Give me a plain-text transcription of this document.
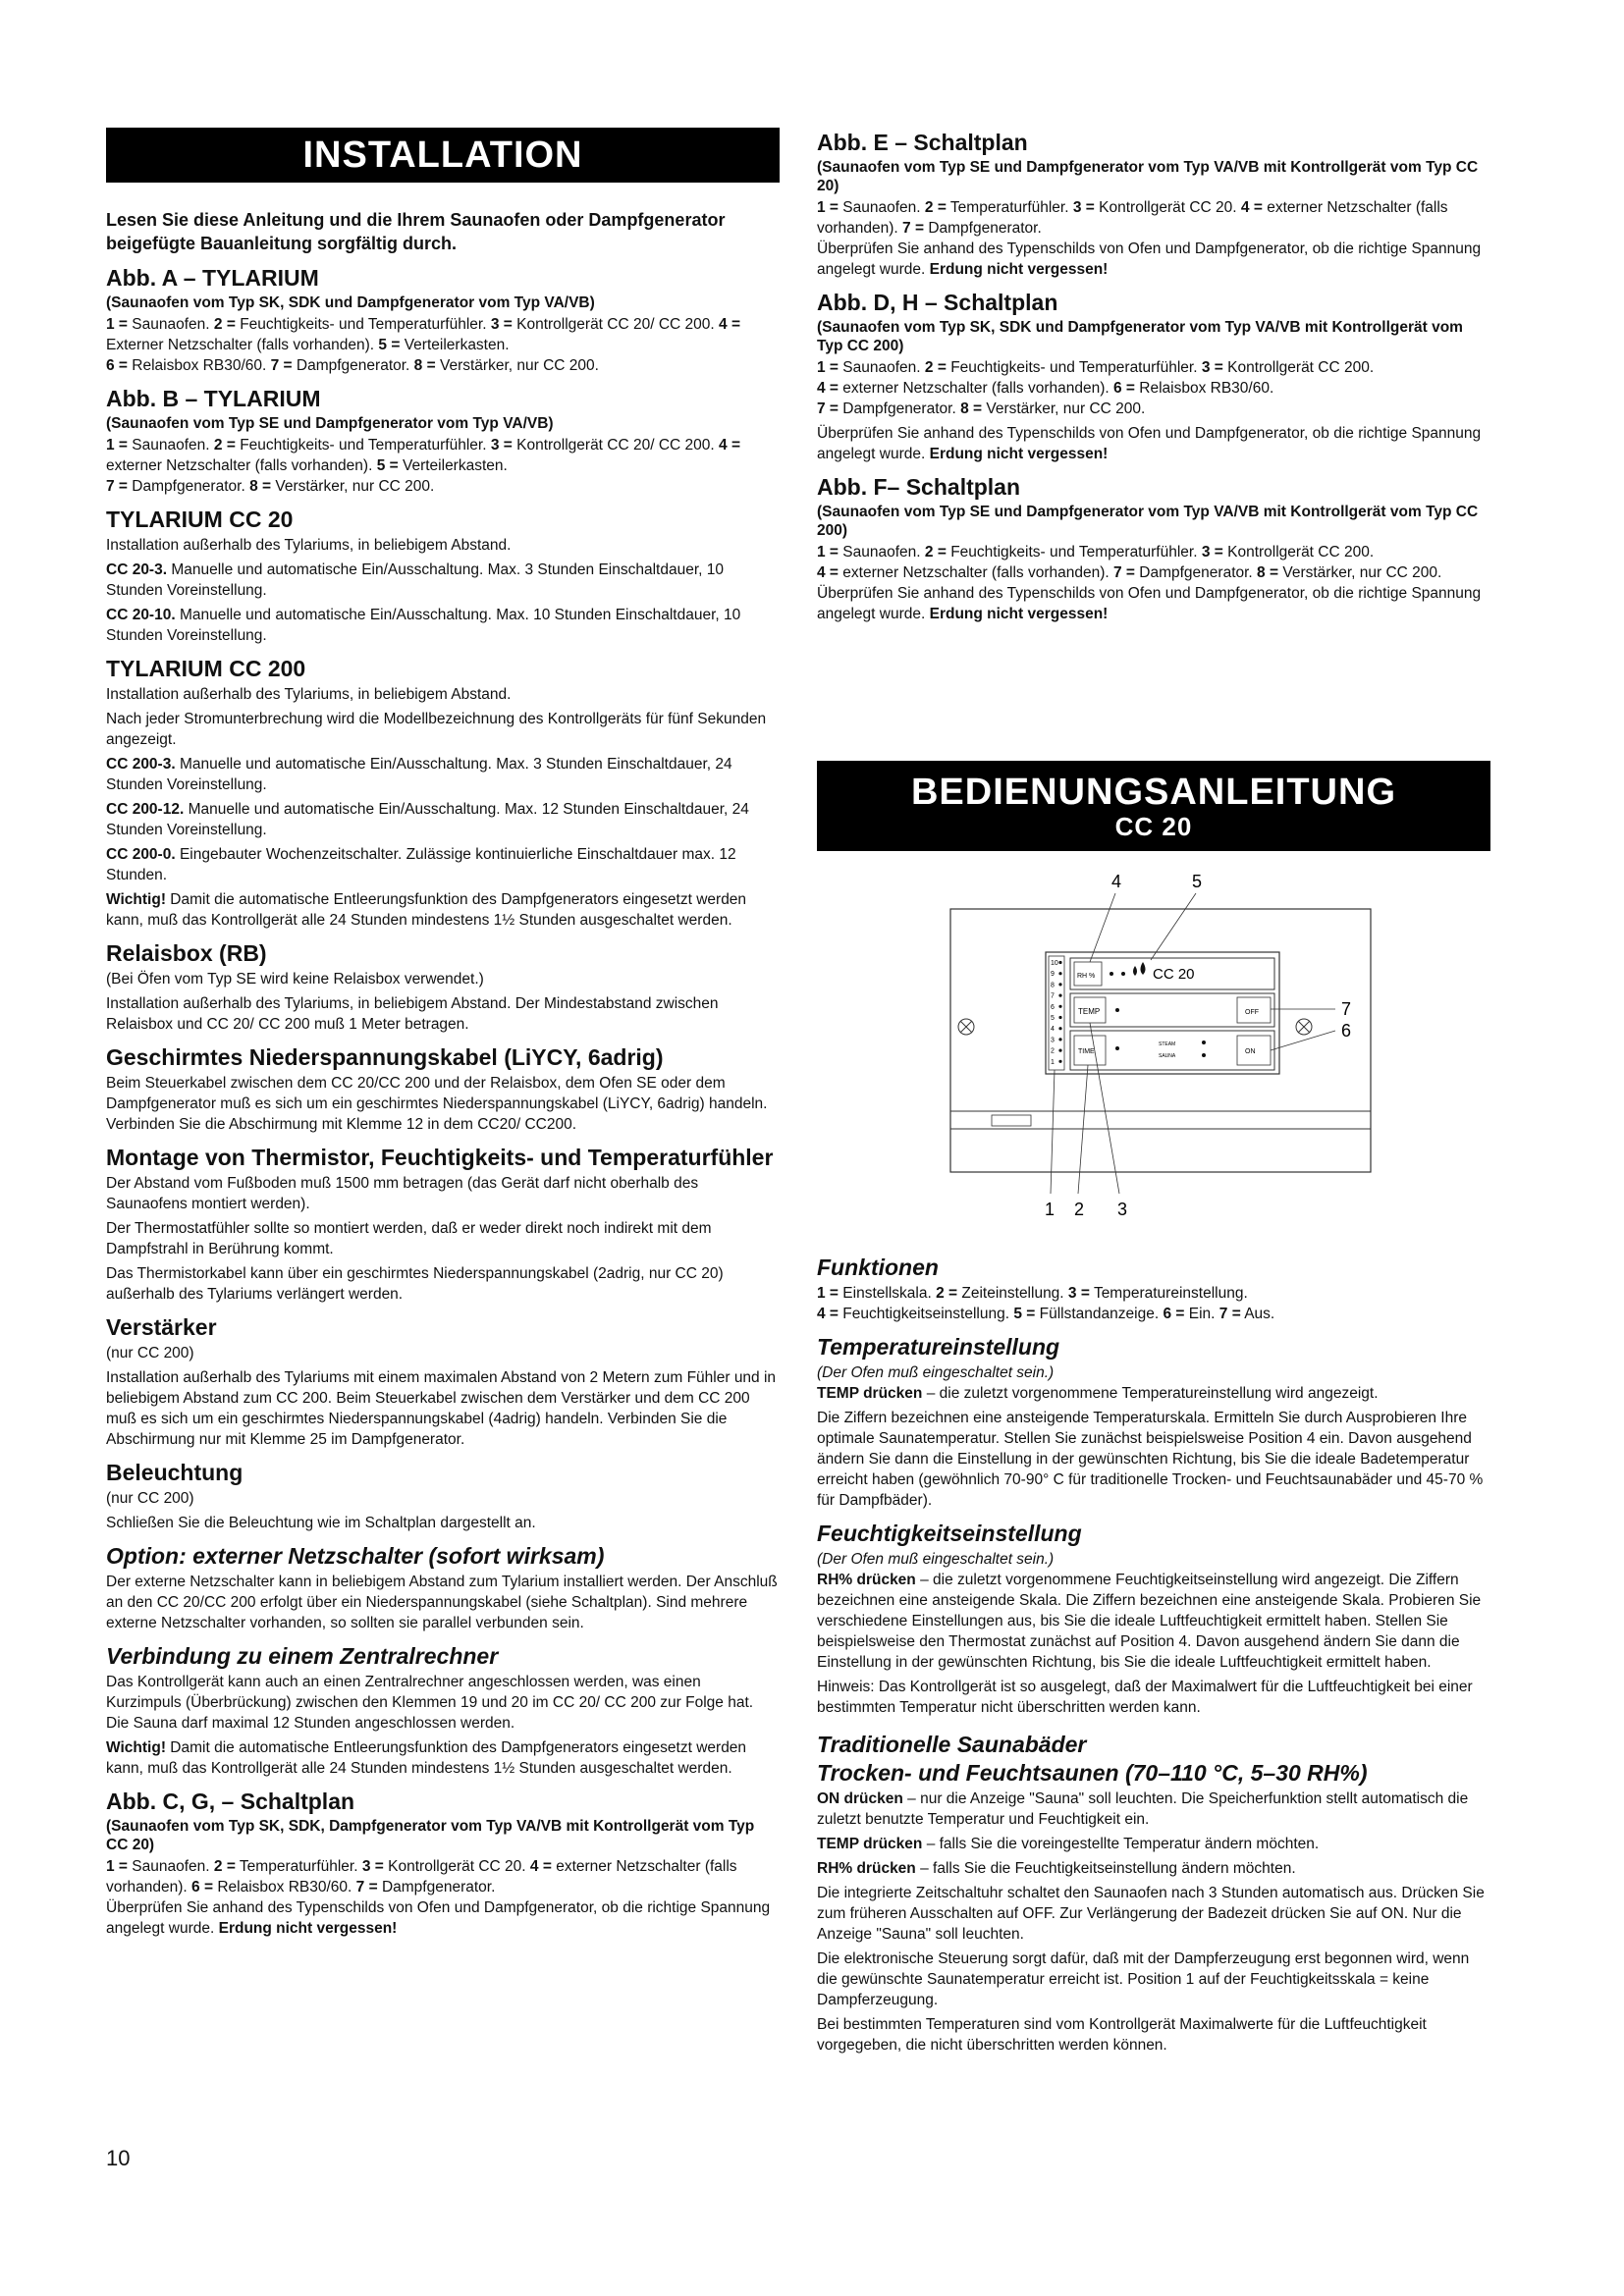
INSTALLATION
Lesen Sie diese Anleitung und die Ihrem Saunaofen oder Dampfgenerator beigefügte Bauanleitung sorgfältig durch.
Abb. A – TYLARIUM
(Saunaofen vom Typ SK, SDK und Dampfgenerator vom Typ VA/VB)

1 = Saunaofen. 2 = Feuchtigkeits- und Temperaturfühler. 3 = Kontrollgerät CC 20/ CC 200. 4 = Externer Netzschalter (falls vorhanden). 5 = Verteilerkasten.
6 = Relaisbox RB30/60. 7 = Dampfgenerator. 8 = Verstärker, nur CC 200.

Abb. B – TYLARIUM
(Saunaofen vom Typ SE und Dampfgenerator vom Typ VA/VB)

1 = Saunaofen. 2 = Feuchtigkeits- und Temperaturfühler. 3 = Kontrollgerät CC 20/ CC 200. 4 = externer Netzschalter (falls vorhanden). 5 = Verteilerkasten.
7 = Dampfgenerator. 8 = Verstärker, nur CC 200.

TYLARIUM CC 20

Installation außerhalb des Tylariums, in beliebigem Abstand.

CC 20-3. Manuelle und automatische Ein/Ausschaltung. Max. 3 Stunden Einschaltdauer, 10 Stunden Voreinstellung.

CC 20-10. Manuelle und automatische Ein/Ausschaltung. Max. 10 Stunden Einschaltdauer, 10 Stunden Voreinstellung.

TYLARIUM CC 200

Installation außerhalb des Tylariums, in beliebigem Abstand.

Nach jeder Stromunterbrechung wird die Modellbezeichnung des Kontrollgeräts für fünf Sekunden angezeigt.

CC 200-3. Manuelle und automatische Ein/Ausschaltung. Max. 3 Stunden Einschaltdauer, 24 Stunden Voreinstellung.

CC 200-12. Manuelle und automatische Ein/Ausschaltung. Max. 12 Stunden Einschaltdauer, 24 Stunden Voreinstellung.

CC 200-0. Eingebauter Wochenzeitschalter. Zulässige kontinuierliche Einschaltdauer max. 12 Stunden.

Wichtig! Damit die automatische Entleerungsfunktion des Dampfgenerators eingesetzt werden kann, muß das Kontrollgerät alle 24 Stunden mindestens 1½ Stunden ausgeschaltet werden.

Relaisbox (RB)

(Bei Öfen vom Typ SE wird keine Relaisbox verwendet.)

Installation außerhalb des Tylariums, in beliebigem Abstand. Der Mindestabstand zwischen Relaisbox und CC 20/ CC 200 muß 1 Meter betragen.

Geschirmtes Niederspannungskabel (LiYCY, 6adrig)

Beim Steuerkabel zwischen dem CC 20/CC 200 und der Relaisbox, dem Ofen SE oder dem Dampfgenerator muß es sich um ein geschirmtes Niederspannungskabel (LiYCY, 6adrig) handeln. Verbinden Sie die Abschirmung mit Klemme 12 in dem CC20/ CC200.

Montage von Thermistor, Feuchtigkeits- und Temperaturfühler

Der Abstand vom Fußboden muß 1500 mm betragen (das Gerät darf nicht oberhalb des Saunaofens montiert werden).

Der Thermostatfühler sollte so montiert werden, daß er weder direkt noch indirekt mit dem Dampfstrahl in Berührung kommt.

Das Thermistorkabel kann über ein geschirmtes Niederspannungskabel (2adrig, nur CC 20) außerhalb des Tylariums verlängert werden.

Verstärker

(nur CC 200)

Installation außerhalb des Tylariums mit einem maximalen Abstand von 2 Metern zum Fühler und in beliebigem Abstand zum CC 200. Beim Steuerkabel zwischen dem Verstärker und dem CC 200 muß es sich um ein geschirmtes Niederspannungskabel (4adrig) handeln. Verbinden Sie die Abschirmung nur mit Klemme 25 im Dampfgenerator.

Beleuchtung

(nur CC 200)

Schließen Sie die Beleuchtung wie im Schaltplan dargestellt an.

Option: externer Netzschalter (sofort wirksam)

Der externe Netzschalter kann in beliebigem Abstand zum Tylarium installiert werden. Der Anschluß an den CC 20/CC 200 erfolgt über ein Niederspannungskabel (siehe Schaltplan). Sind mehrere externe Netzschalter vorhanden, so sollten sie parallel verbunden sein.

Verbindung zu einem Zentralrechner

Das Kontrollgerät kann auch an einen Zentralrechner angeschlossen werden, was einen Kurzimpuls (Überbrückung) zwischen den Klemmen 19 und 20 im CC 20/ CC 200 zur Folge hat. Die Sauna darf maximal 12 Stunden angeschlossen werden.

Wichtig! Damit die automatische Entleerungsfunktion des Dampfgenerators eingesetzt werden kann, muß das Kontrollgerät alle 24 Stunden mindestens 1½ Stunden ausgeschaltet werden.

Abb. C, G, – Schaltplan
(Saunaofen vom Typ SK, SDK, Dampfgenerator vom Typ VA/VB mit Kontrollgerät vom Typ CC 20)

1 = Saunaofen. 2 = Temperaturfühler. 3 = Kontrollgerät CC 20. 4 = externer Netzschalter (falls vorhanden). 6 = Relaisbox RB30/60. 7 = Dampfgenerator.
Überprüfen Sie anhand des Typenschilds von Ofen und Dampfgenerator, ob die richtige Spannung angelegt wurde. Erdung nicht vergessen!

10
Abb. E – Schaltplan
(Saunaofen vom Typ SE und Dampfgenerator vom Typ VA/VB mit Kontrollgerät vom Typ CC 20)

1 = Saunaofen. 2 = Temperaturfühler. 3 = Kontrollgerät CC 20. 4 = externer Netzschalter (falls vorhanden). 7 = Dampfgenerator.
Überprüfen Sie anhand des Typenschilds von Ofen und Dampfgenerator, ob die richtige Spannung angelegt wurde. Erdung nicht vergessen!

Abb. D, H – Schaltplan
(Saunaofen vom Typ SK, SDK und Dampfgenerator vom Typ VA/VB mit Kontrollgerät vom Typ CC 200)

1 = Saunaofen. 2 = Feuchtigkeits- und Temperaturfühler. 3 = Kontrollgerät CC 200.
4 = externer Netzschalter (falls vorhanden). 6 = Relaisbox RB30/60.
7 = Dampfgenerator. 8 = Verstärker, nur CC 200.

Überprüfen Sie anhand des Typenschilds von Ofen und Dampfgenerator, ob die richtige Spannung angelegt wurde. Erdung nicht vergessen!

Abb. F– Schaltplan
(Saunaofen vom Typ SE und Dampfgenerator vom Typ VA/VB mit Kontrollgerät vom Typ CC 200)

1 = Saunaofen. 2 = Feuchtigkeits- und Temperaturfühler. 3 = Kontrollgerät CC 200.
4 = externer Netzschalter (falls vorhanden). 7 = Dampfgenerator. 8 = Verstärker, nur CC 200.
Überprüfen Sie anhand des Typenschilds von Ofen und Dampfgenerator, ob die richtige Spannung angelegt wurde. Erdung nicht vergessen!

BEDIENUNGSANLEITUNG
CC 20
4	5
10
9
8
7
6
5
4
3
2
1
RH %	CC 20
TEMP	OFF
TIME
STEAM
SAUNA
ON
7
6
1 2 3
Funktionen

1 = Einstellskala. 2 = Zeiteinstellung. 3 = Temperatureinstellung.
4 = Feuchtigkeitseinstellung. 5 = Füllstandanzeige. 6 = Ein. 7 = Aus.

Temperatureinstellung

(Der Ofen muß eingeschaltet sein.)

TEMP drücken – die zuletzt vorgenommene Temperatureinstellung wird angezeigt.

Die Ziffern bezeichnen eine ansteigende Temperaturskala. Ermitteln Sie durch Ausprobieren Ihre optimale Saunatemperatur. Stellen Sie zunächst beispielsweise Position 4 ein. Davon ausgehend ändern Sie dann die Einstellung in der gewünschten Richtung, bis Sie die ideale Badetemperatur erreicht haben (gewöhnlich 70-90° C für traditionelle Trocken- und Feuchtsaunabäder und 45-70 % für Dampfbäder).

Feuchtigkeitseinstellung

(Der Ofen muß eingeschaltet sein.)

RH% drücken – die zuletzt vorgenommene Feuchtigkeitseinstellung wird angezeigt. Die Ziffern bezeichnen eine ansteigende Skala. Die Ziffern bezeichnen eine ansteigende Skala. Probieren Sie verschiedene Einstellungen aus, bis Sie die ideale Luftfeuchtigkeit ermittelt haben. Stellen Sie beispielsweise den Thermostat zunächst auf Position 4. Davon ausgehend ändern Sie dann die Einstellung in der gewünschten Richtung, bis Sie die ideale Luftfeuchtigkeit ermittelt haben.

Hinweis: Das Kontrollgerät ist so ausgelegt, daß der Maximalwert für die Luftfeuchtigkeit bei einer bestimmten Temperatur nicht überschritten werden kann.

Traditionelle Saunabäder
Trocken- und Feuchtsaunen (70–110 °C, 5–30 RH%)

ON drücken – nur die Anzeige "Sauna" soll leuchten. Die Speicherfunktion stellt automatisch die zuletzt benutzte Temperatur und Feuchtigkeit ein.

TEMP drücken – falls Sie die voreingestellte Temperatur ändern möchten.

RH% drücken – falls Sie die Feuchtigkeitseinstellung ändern möchten.

Die integrierte Zeitschaltuhr schaltet den Saunaofen nach 3 Stunden automatisch aus. Drücken Sie zum früheren Ausschalten auf OFF. Zur Verlängerung der Badezeit drücken Sie auf ON. Nur die Anzeige "Sauna" soll leuchten.

Die elektronische Steuerung sorgt dafür, daß mit der Dampferzeugung erst begonnen wird, wenn die gewünschte Saunatemperatur erreicht ist. Position 1 auf der Feuchtigkeitsskala = keine Dampferzeugung.

Bei bestimmten Temperaturen sind vom Kontrollgerät Maximalwerte für die Luftfeuchtigkeit vorgegeben, die nicht überschritten werden können.
